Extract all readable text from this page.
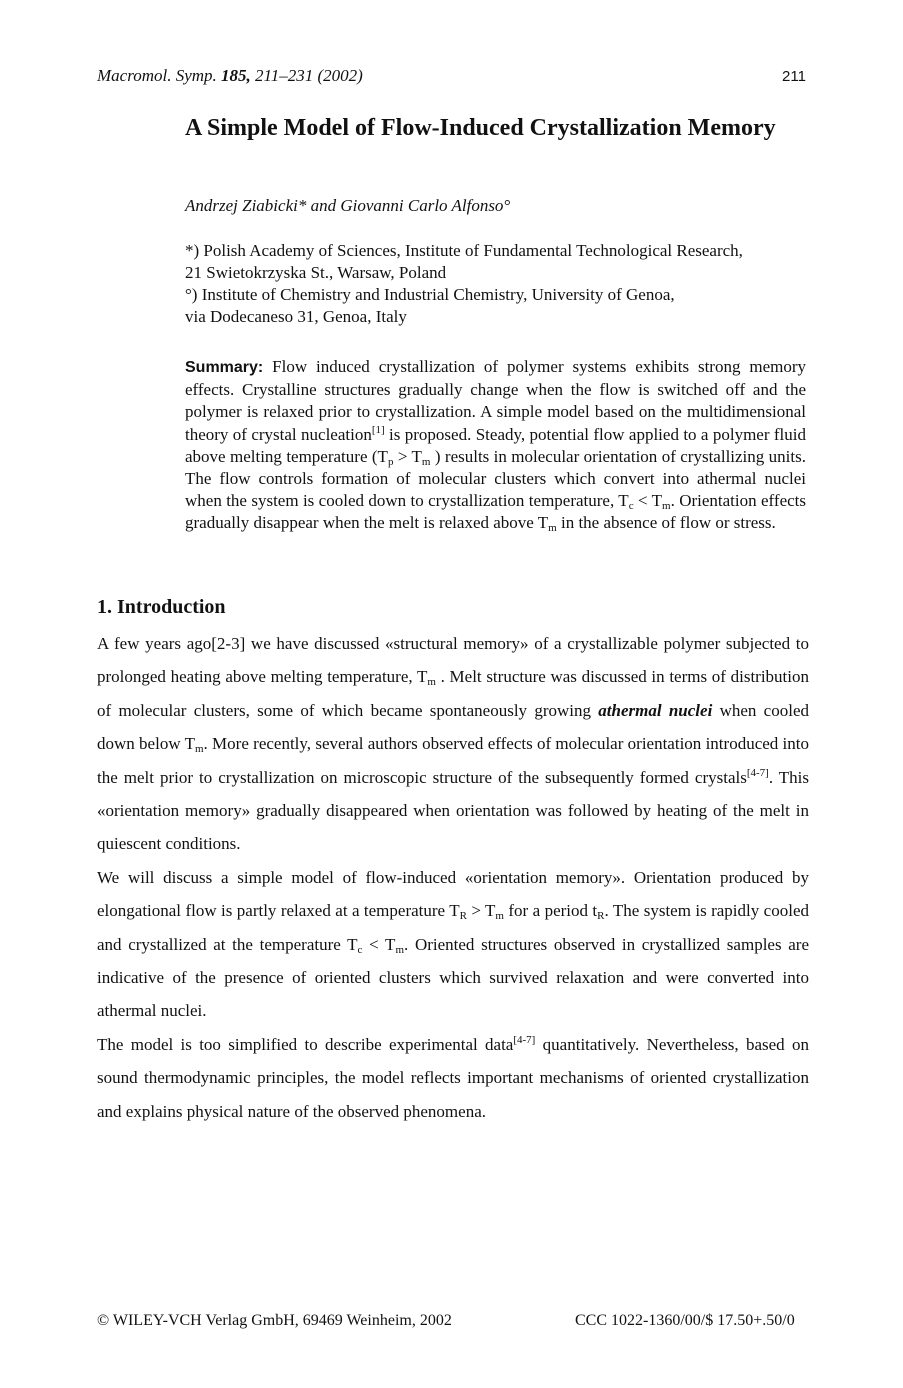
Macromol. Symp. 185, 211–231 (2002)	211
A Simple Model of Flow-Induced Crystallization Memory
Andrzej Ziabicki* and Giovanni Carlo Alfonso°
*) Polish Academy of Sciences, Institute of Fundamental Technological Research,
21 Swietokrzyska St., Warsaw, Poland
°) Institute of Chemistry and Industrial Chemistry, University of Genoa,
via Dodecaneso 31, Genoa, Italy
Summary: Flow induced crystallization of polymer systems exhibits strong memory effects. Crystalline structures gradually change when the flow is switched off and the polymer is relaxed prior to crystallization. A simple model based on the multidimensional theory of crystal nucleation[1] is proposed. Steady, potential flow applied to a polymer fluid above melting temperature ($T_p > T_m$ ) results in molecular orientation of crystallizing units. The flow controls formation of molecular clusters which convert into athermal nuclei when the system is cooled down to crystallization temperature, $T_c < T_m$. Orientation effects gradually disappear when the melt is relaxed above $T_m$ in the absence of flow or stress.
1. Introduction

A few years ago[2-3] we have discussed «structural memory» of a crystallizable polymer subjected to prolonged heating above melting temperature, $T_m$ . Melt structure was discussed in terms of distribution of molecular clusters, some of which became spontaneously growing athermal nuclei when cooled down below $T_m$. More recently, several authors observed effects of molecular orientation introduced into the melt prior to crystallization on microscopic structure of the subsequently formed crystals[4-7]. This «orientation memory» gradually disappeared when orientation was followed by heating of the melt in quiescent conditions.

We will discuss a simple model of flow-induced «orientation memory». Orientation produced by elongational flow is partly relaxed at a temperature $T_R > T_m$ for a period $t_R$. The system is rapidly cooled and crystallized at the temperature $T_c < T_m$. Oriented structures observed in crystallized samples are indicative of the presence of oriented clusters which survived relaxation and were converted into athermal nuclei.

The model is too simplified to describe experimental data[4-7] quantitatively. Nevertheless, based on sound thermodynamic principles, the model reflects important mechanisms of oriented crystallization and explains physical nature of the observed phenomena.

© WILEY-VCH Verlag GmbH, 69469 Weinheim, 2002	CCC 1022-1360/00/$ 17.50+.50/0
